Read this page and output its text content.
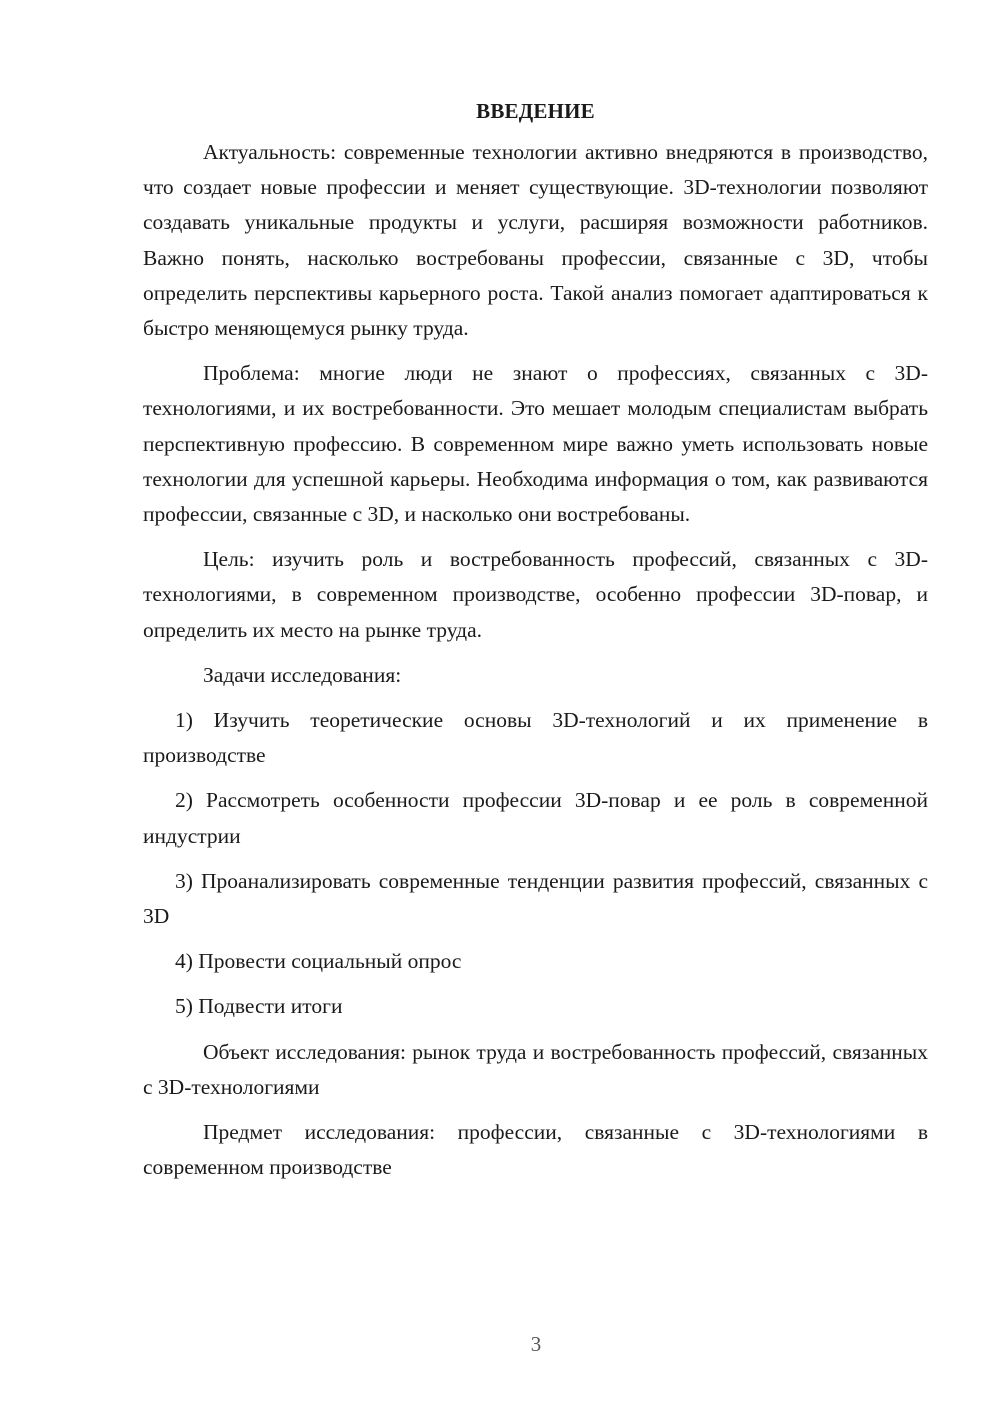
ВВЕДЕНИЕ

Актуальность: современные технологии активно внедряются в производство, что создает новые профессии и меняет существующие. 3D-технологии позволяют создавать уникальные продукты и услуги, расширяя возможности работников. Важно понять, насколько востребованы профессии, связанные с 3D, чтобы определить перспективы карьерного роста. Такой анализ помогает адаптироваться к быстро меняющемуся рынку труда.

Проблема: многие люди не знают о профессиях, связанных с 3D-технологиями, и их востребованности. Это мешает молодым специалистам выбрать перспективную профессию. В современном мире важно уметь использовать новые технологии для успешной карьеры. Необходима информация о том, как развиваются профессии, связанные с 3D, и насколько они востребованы.

Цель: изучить роль и востребованность профессий, связанных с 3D-технологиями, в современном производстве, особенно профессии 3D-повар, и определить их место на рынке труда.

Задачи исследования:

1) Изучить теоретические основы 3D-технологий и их применение в производстве

2) Рассмотреть особенности профессии 3D-повар и ее роль в современной индустрии

3) Проанализировать современные тенденции развития профессий, связанных с 3D

4) Провести социальный опрос

5) Подвести итоги

Объект исследования: рынок труда и востребованность профессий, связанных с 3D-технологиями

Предмет исследования: профессии, связанные с 3D-технологиями в современном производстве

3
